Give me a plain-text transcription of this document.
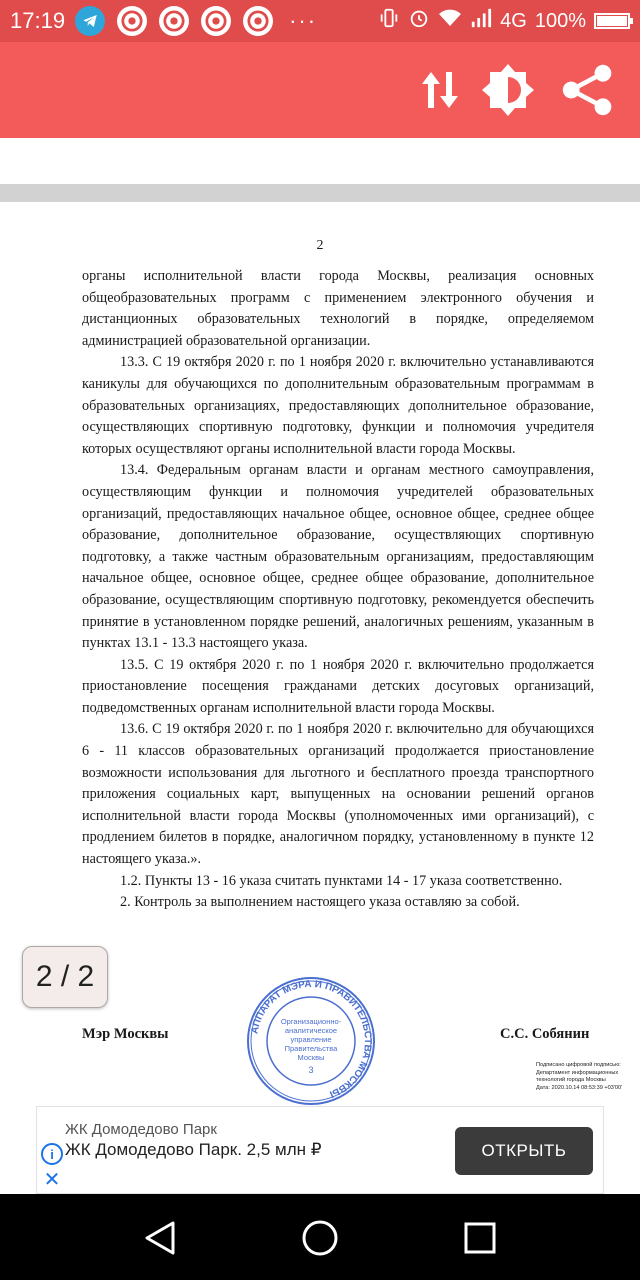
17:19	···	4G 100%
2

органы исполнительной власти города Москвы, реализация основных общеобразовательных программ с применением электронного обучения и дистанционных образовательных технологий в порядке, определяемом администрацией образовательной организации.

13.3. С 19 октября 2020 г. по 1 ноября 2020 г. включительно устанавливаются каникулы для обучающихся по дополнительным образовательным программам в образовательных организациях, предоставляющих дополнительное образование, осуществляющих спортивную подготовку, функции и полномочия учредителя которых осуществляют органы исполнительной власти города Москвы.

13.4. Федеральным органам власти и органам местного самоуправления, осуществляющим функции и полномочия учредителей образовательных организаций, предоставляющих начальное общее, основное общее, среднее общее образование, дополнительное образование, осуществляющих спортивную подготовку, а также частным образовательным организациям, предоставляющим начальное общее, основное общее, среднее общее образование, дополнительное образование, осуществляющим спортивную подготовку, рекомендуется обеспечить принятие в установленном порядке решений, аналогичных решениям, указанным в пунктах 13.1 - 13.3 настоящего указа.

13.5. С 19 октября 2020 г. по 1 ноября 2020 г. включительно продолжается приостановление посещения гражданами детских досуговых организаций, подведомственных органам исполнительной власти города Москвы.

13.6. С 19 октября 2020 г. по 1 ноября 2020 г. включительно для обучающихся 6 - 11 классов образовательных организаций продолжается приостановление возможности использования для льготного и бесплатного проезда транспортного приложения социальных карт, выпущенных на основании решений органов исполнительной власти города Москвы (уполномоченных ими организаций), с продлением билетов в порядке, аналогичном порядку, установленному в пункте 12 настоящего указа.».

1.2. Пункты 13 - 16 указа считать пунктами 14 - 17 указа соответственно.

2. Контроль за выполнением настоящего указа оставляю за собой.

Мэр Москвы	АППАРАТ МЭРА И ПРАВИТЕЛЬСТВА МОСКВЫ
Организационно-
аналитическое
управление
Правительства
Москвы
3
С.С. Собянин
Подписано цифровой подписью:
Департамент информационных
технологий города Москвы
Дата: 2020.10.14 08:53:39 +03'00'
2 / 2
ЖК Домодедово Парк
i ЖК Домодедово Парк. 2,5 млн ₽
✕
ОТКРЫТЬ
